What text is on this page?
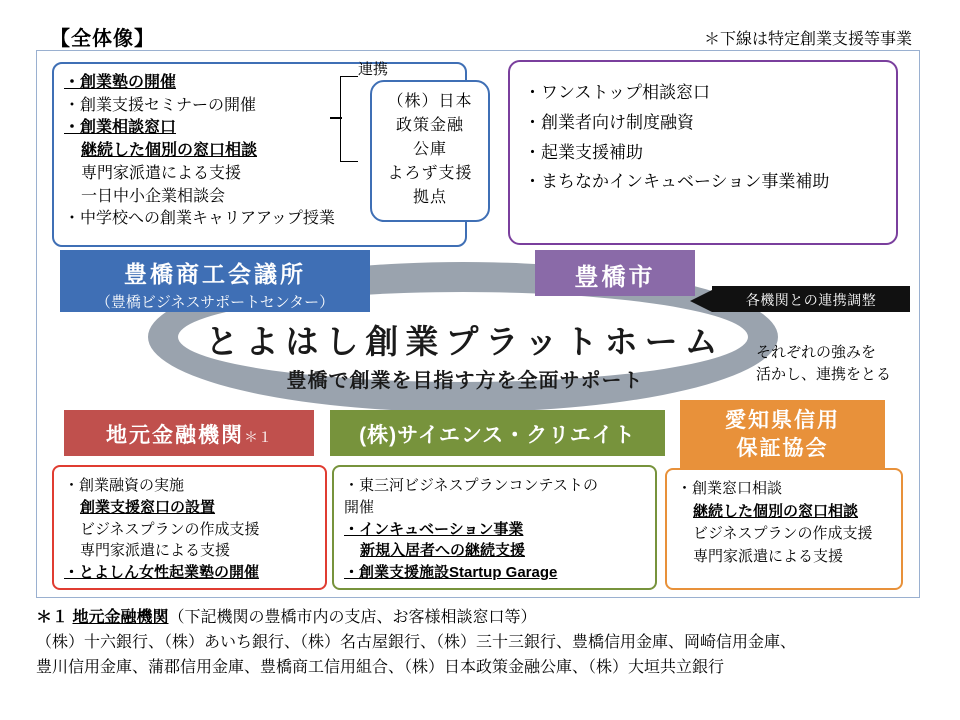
【全体像】	＊下線は特定創業支援等事業
とよはし創業プラットホーム
豊橋で創業を目指す方を全面サポート
・創業塾の開催
・創業支援セミナーの開催
・創業相談窓口
継続した個別の窓口相談
専門家派遣による支援
一日中小企業相談会
・中学校への創業キャリアアップ授業
連携
（株）日本
政策金融
公庫
よろず支援
拠点
・ワンストップ相談窓口
・創業者向け制度融資
・起業支援補助
・まちなかインキュベーション事業補助
豊橋商工会議所
（豊橋ビジネスサポートセンター）
豊橋市
各機関との連携調整
それぞれの強みを
活かし、連携をとる
地元金融機関＊１	(株)サイエンス・クリエイト
愛知県信用
保証協会
・創業融資の実施
創業支援窓口の設置
ビジネスプランの作成支援
専門家派遣による支援
・とよしん女性起業塾の開催
・東三河ビジネスプランコンテストの
開催
・インキュベーション事業
新規入居者への継続支援
・創業支援施設Startup Garage
・創業窓口相談
継続した個別の窓口相談
ビジネスプランの作成支援
専門家派遣による支援
＊１ 地元金融機関（下記機関の豊橋市内の支店、お客様相談窓口等）
（株）十六銀行、（株）あいち銀行、（株）名古屋銀行、（株）三十三銀行、豊橋信用金庫、岡崎信用金庫、
豊川信用金庫、蒲郡信用金庫、豊橋商工信用組合、（株）日本政策金融公庫、（株）大垣共立銀行
